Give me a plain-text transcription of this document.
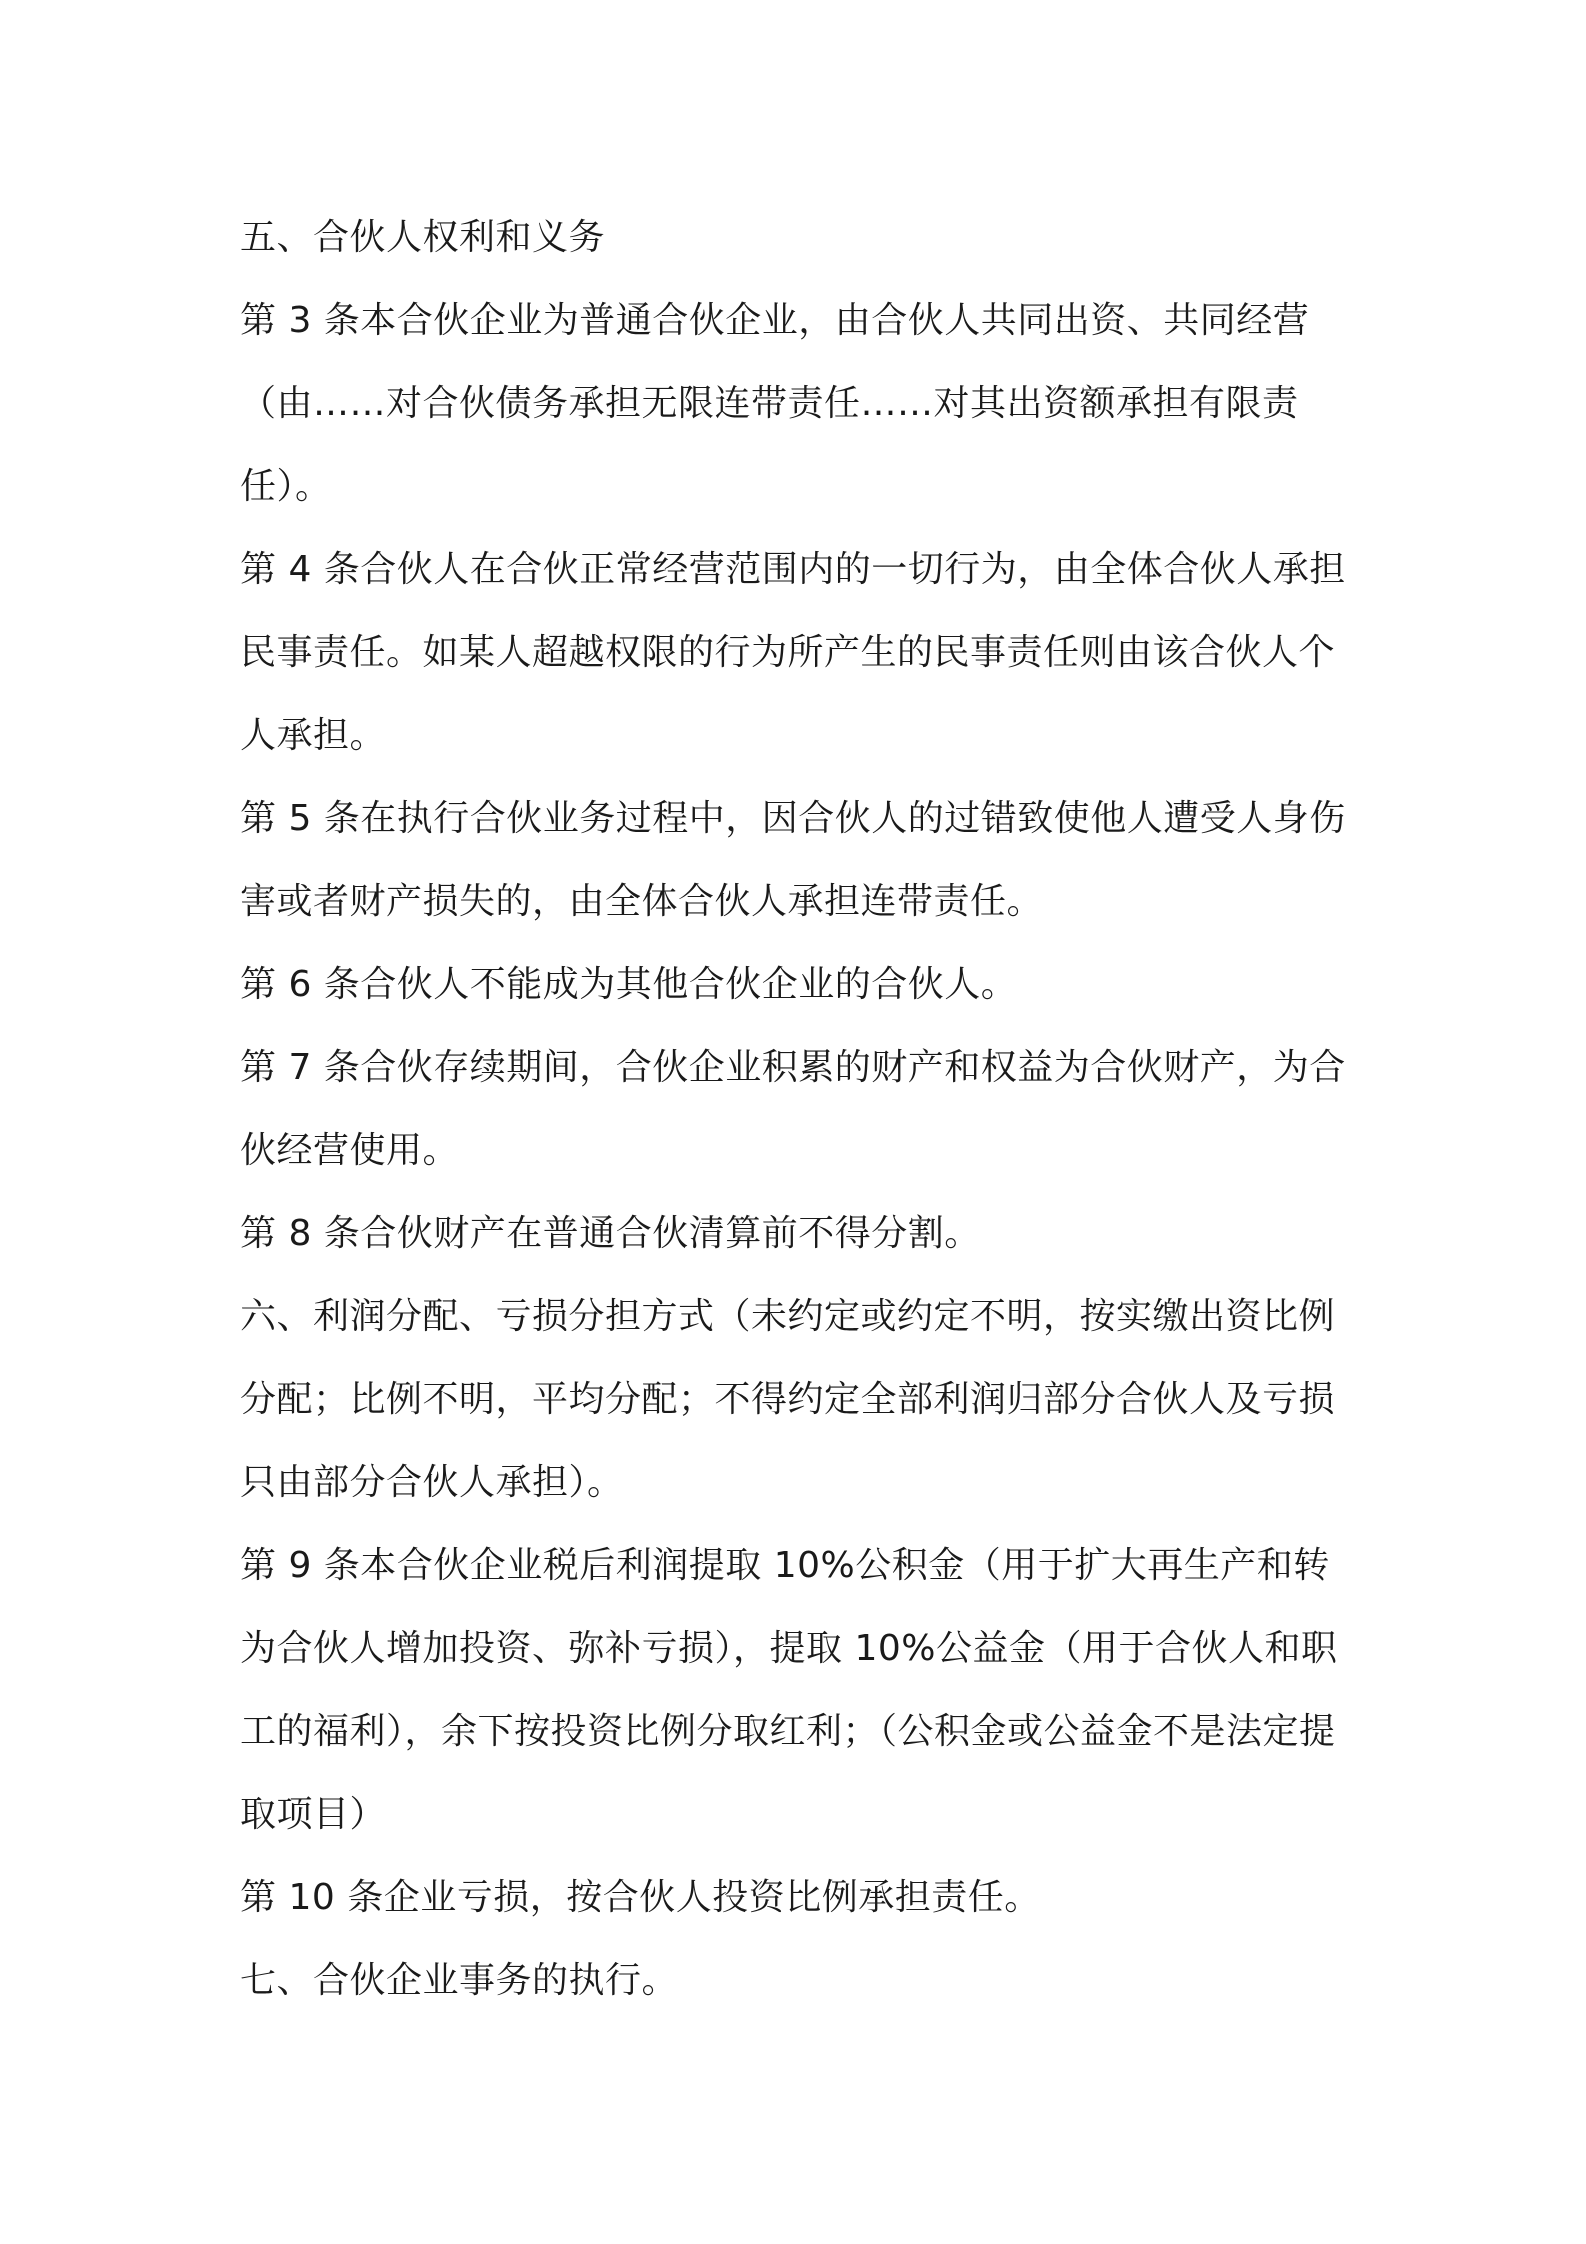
五、合伙人权利和义务
第 3 条本合伙企业为普通合伙企业，由合伙人共同出资、共同经营
（由……对合伙债务承担无限连带责任……对其出资额承担有限责
任）。
第 4 条合伙人在合伙正常经营范围内的一切行为，由全体合伙人承担
民事责任。如某人超越权限的行为所产生的民事责任则由该合伙人个
人承担。
第 5 条在执行合伙业务过程中，因合伙人的过错致使他人遭受人身伤
害或者财产损失的，由全体合伙人承担连带责任。
第 6 条合伙人不能成为其他合伙企业的合伙人。
第 7 条合伙存续期间，合伙企业积累的财产和权益为合伙财产，为合
伙经营使用。
第 8 条合伙财产在普通合伙清算前不得分割。
六、利润分配、亏损分担方式（未约定或约定不明，按实缴出资比例
分配；比例不明，平均分配；不得约定全部利润归部分合伙人及亏损
只由部分合伙人承担）。
第 9 条本合伙企业税后利润提取 10%公积金（用于扩大再生产和转
为合伙人增加投资、弥补亏损），提取 10%公益金（用于合伙人和职
工的福利），余下按投资比例分取红利；（公积金或公益金不是法定提
取项目）
第 10 条企业亏损，按合伙人投资比例承担责任。
七、合伙企业事务的执行。
